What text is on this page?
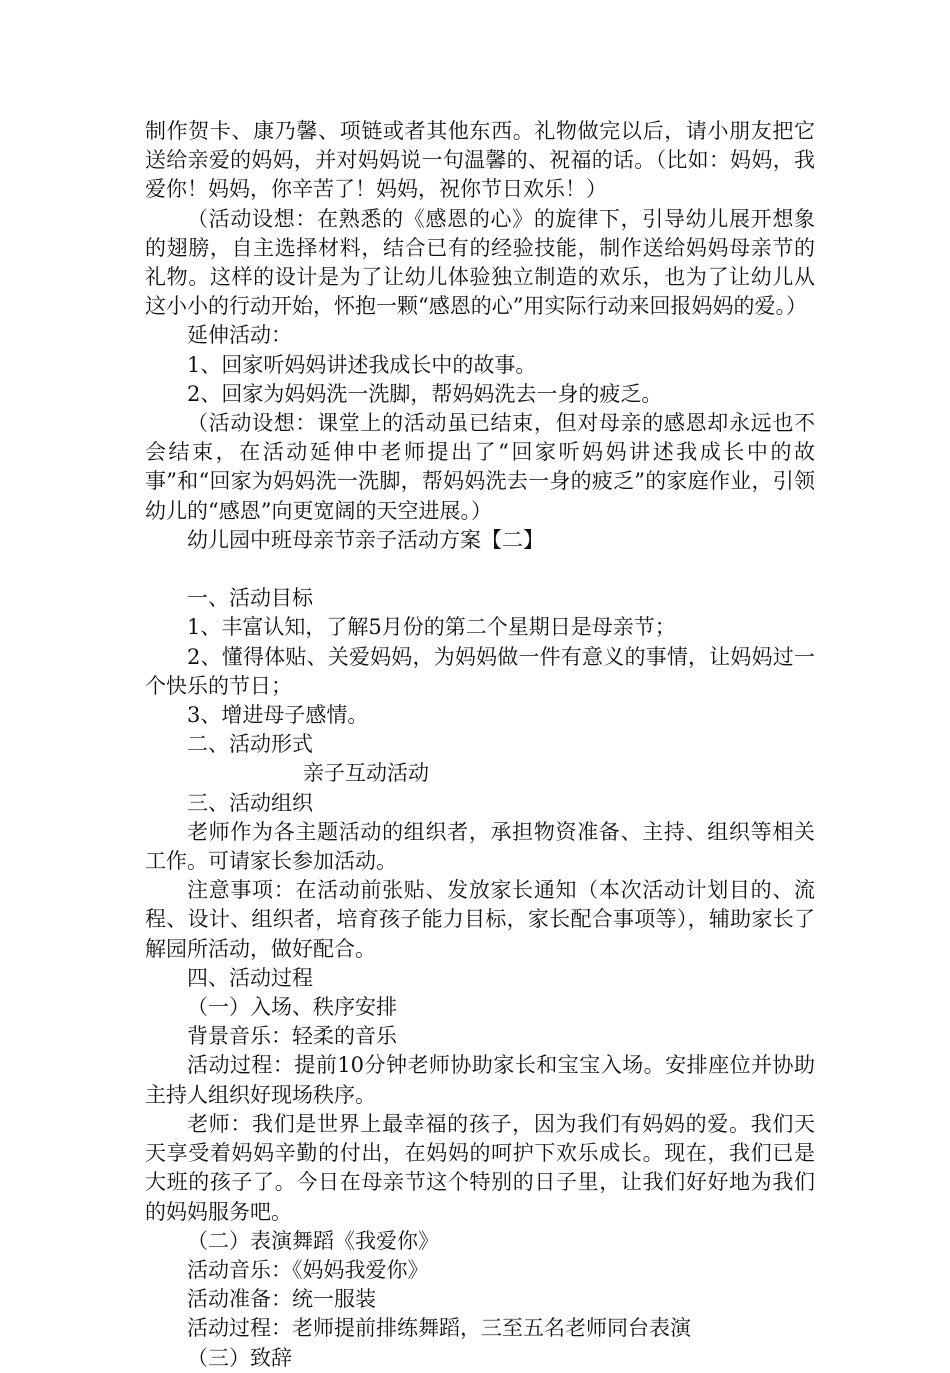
制作贺卡、康乃馨、项链或者其他东西。礼物做完以后，请小朋友把它送给亲爱的妈妈，并对妈妈说一句温馨的、祝福的话。（比如：妈妈，我爱你！妈妈，你辛苦了！妈妈，祝你节日欢乐！）

（活动设想：在熟悉的《感恩的心》的旋律下，引导幼儿展开想象的翅膀，自主选择材料，结合已有的经验技能，制作送给妈妈母亲节的礼物。这样的设计是为了让幼儿体验独立制造的欢乐，也为了让幼儿从这小小的行动开始，怀抱一颗“感恩的心”用实际行动来回报妈妈的爱。）

延伸活动：

1、回家听妈妈讲述我成长中的故事。

2、回家为妈妈洗一洗脚，帮妈妈洗去一身的疲乏。

（活动设想：课堂上的活动虽已结束，但对母亲的感恩却永远也不会结束，在活动延伸中老师提出了“回家听妈妈讲述我成长中的故事”和“回家为妈妈洗一洗脚，帮妈妈洗去一身的疲乏”的家庭作业，引领幼儿的“感恩”向更宽阔的天空进展。）

幼儿园中班母亲节亲子活动方案【二】

一、活动目标

1、丰富认知，了解5月份的第二个星期日是母亲节；

2、懂得体贴、关爱妈妈，为妈妈做一件有意义的事情，让妈妈过一个快乐的节日；

3、增进母子感情。

二、活动形式

亲子互动活动

三、活动组织

老师作为各主题活动的组织者，承担物资准备、主持、组织等相关工作。可请家长参加活动。

注意事项：在活动前张贴、发放家长通知（本次活动计划目的、流程、设计、组织者，培育孩子能力目标，家长配合事项等），辅助家长了解园所活动，做好配合。

四、活动过程

（一）入场、秩序安排

背景音乐：轻柔的音乐

活动过程：提前10分钟老师协助家长和宝宝入场。安排座位并协助主持人组织好现场秩序。

老师：我们是世界上最幸福的孩子，因为我们有妈妈的爱。我们天天享受着妈妈辛勤的付出，在妈妈的呵护下欢乐成长。现在，我们已是大班的孩子了。今日在母亲节这个特别的日子里，让我们好好地为我们的妈妈服务吧。

（二）表演舞蹈《我爱你》

活动音乐：《妈妈我爱你》

活动准备：统一服装

活动过程：老师提前排练舞蹈，三至五名老师同台表演

（三）致辞
